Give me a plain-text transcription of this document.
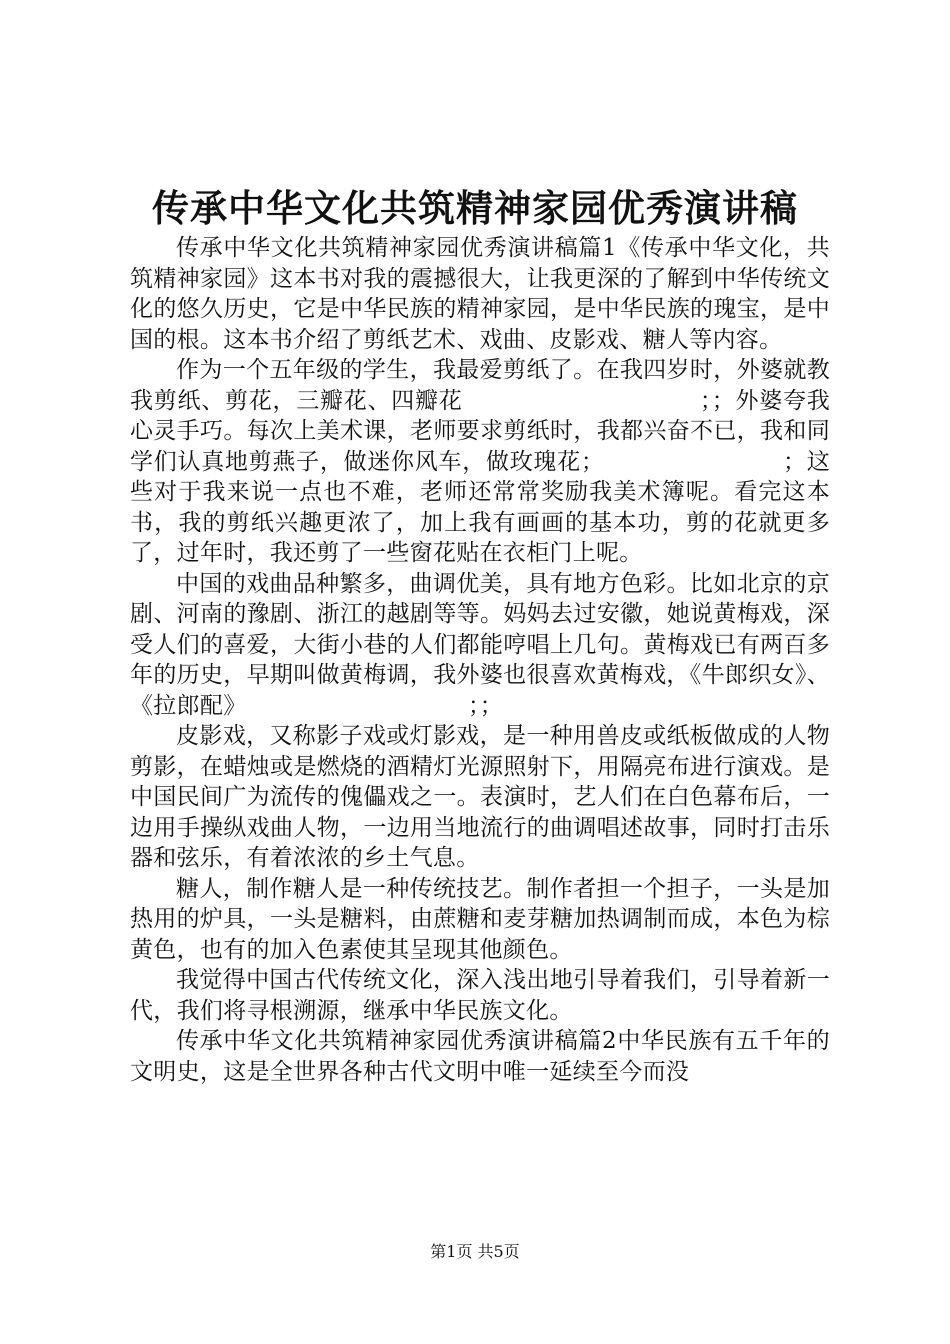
传承中华文化共筑精神家园优秀演讲稿

传承中华文化共筑精神家园优秀演讲稿篇1《传承中华文化，共筑精神家园》这本书对我的震撼很大，让我更深的了解到中华传统文化的悠久历史，它是中华民族的精神家园，是中华民族的瑰宝，是中国的根。这本书介绍了剪纸艺术、戏曲、皮影戏、糖人等内容。

作为一个五年级的学生，我最爱剪纸了。在我四岁时，外婆就教我剪纸、剪花，三瓣花、四瓣花　　　　　　　　　　；；外婆夸我心灵手巧。每次上美术课，老师要求剪纸时，我都兴奋不已，我和同学们认真地剪燕子，做迷你风车，做玫瑰花；　　　　　　　　；这些对于我来说一点也不难，老师还常常奖励我美术簿呢。看完这本书，我的剪纸兴趣更浓了，加上我有画画的基本功，剪的花就更多了，过年时，我还剪了一些窗花贴在衣柜门上呢。

中国的戏曲品种繁多，曲调优美，具有地方色彩。比如北京的京剧、河南的豫剧、浙江的越剧等等。妈妈去过安徽，她说黄梅戏，深受人们的喜爱，大街小巷的人们都能哼唱上几句。黄梅戏已有两百多年的历史，早期叫做黄梅调，我外婆也很喜欢黄梅戏，《牛郎织女》、《拉郎配》　　　　　　　　　　；；

皮影戏，又称影子戏或灯影戏，是一种用兽皮或纸板做成的人物剪影，在蜡烛或是燃烧的酒精灯光源照射下，用隔亮布进行演戏。是中国民间广为流传的傀儡戏之一。表演时，艺人们在白色幕布后，一边用手操纵戏曲人物，一边用当地流行的曲调唱述故事，同时打击乐器和弦乐，有着浓浓的乡土气息。

糖人，制作糖人是一种传统技艺。制作者担一个担子，一头是加热用的炉具，一头是糖料，由蔗糖和麦芽糖加热调制而成，本色为棕黄色，也有的加入色素使其呈现其他颜色。

我觉得中国古代传统文化，深入浅出地引导着我们，引导着新一代，我们将寻根溯源，继承中华民族文化。

传承中华文化共筑精神家园优秀演讲稿篇2中华民族有五千年的文明史，这是全世界各种古代文明中唯一延续至今而没

第1页 共5页
